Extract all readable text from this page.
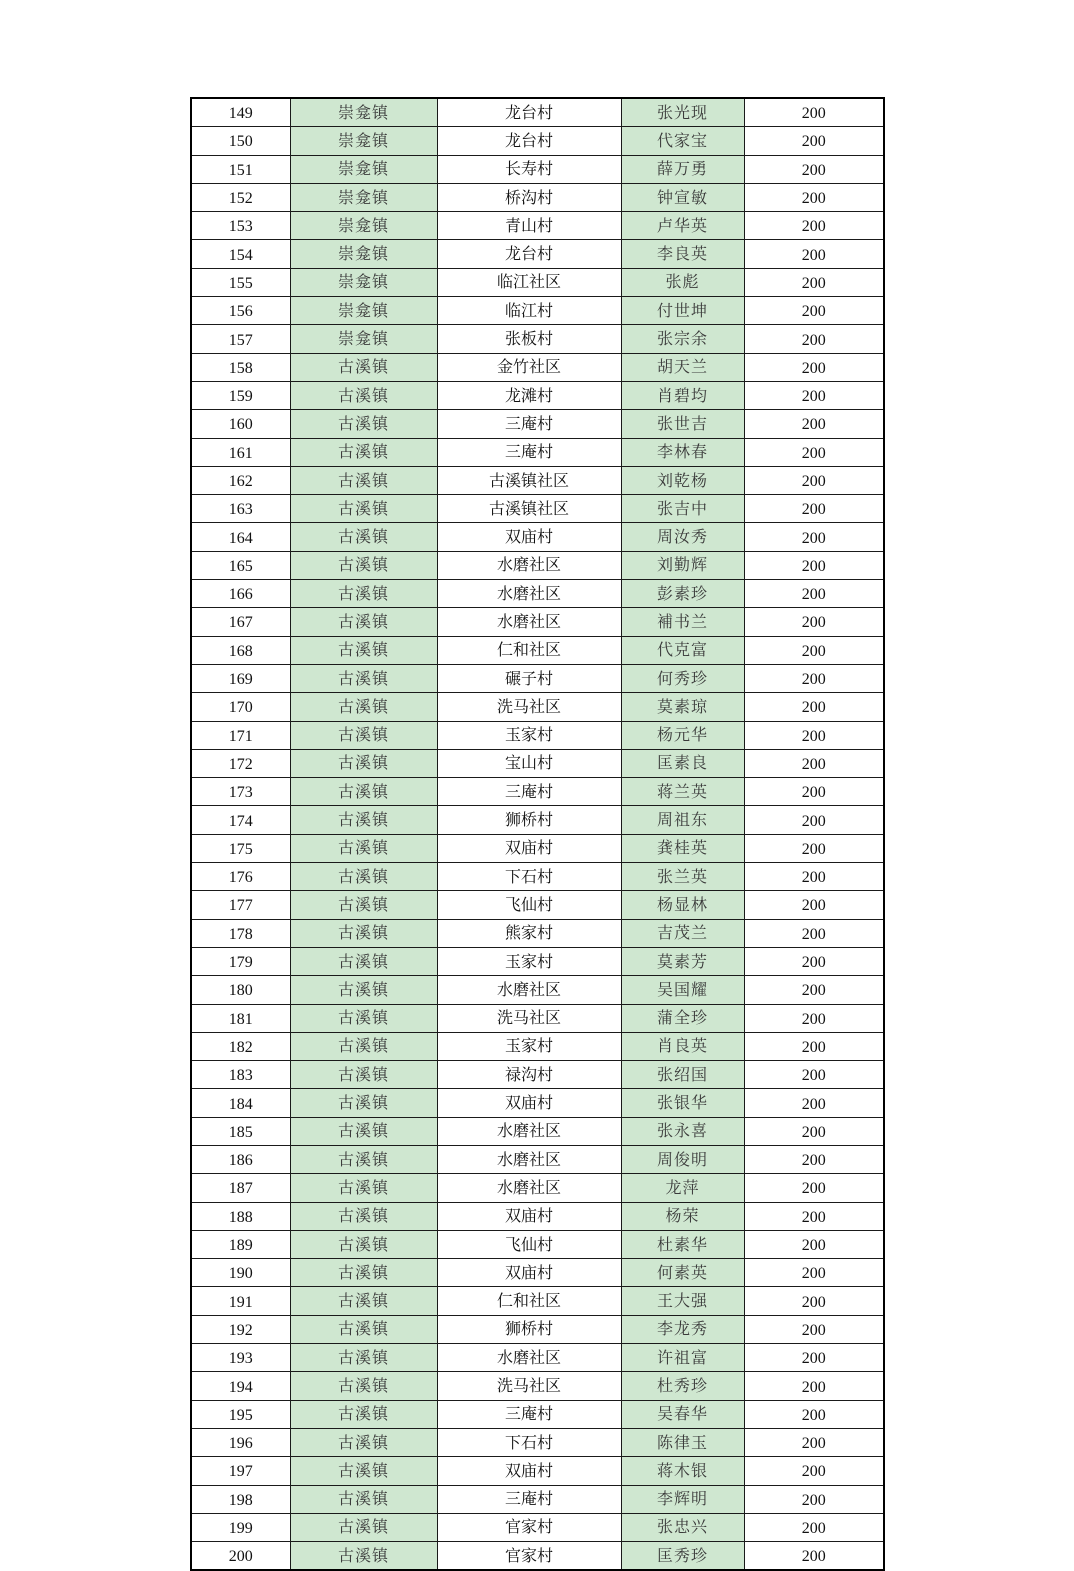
149	崇龛镇	龙台村	张光现	200
150	崇龛镇	龙台村	代家宝	200
151	崇龛镇	长寿村	薛万勇	200
152	崇龛镇	桥沟村	钟宣敏	200
153	崇龛镇	青山村	卢华英	200
154	崇龛镇	龙台村	李良英	200
155	崇龛镇	临江社区	张彪	200
156	崇龛镇	临江村	付世坤	200
157	崇龛镇	张板村	张宗余	200
158	古溪镇	金竹社区	胡天兰	200
159	古溪镇	龙滩村	肖碧均	200
160	古溪镇	三庵村	张世吉	200
161	古溪镇	三庵村	李林春	200
162	古溪镇	古溪镇社区	刘乾杨	200
163	古溪镇	古溪镇社区	张吉中	200
164	古溪镇	双庙村	周汝秀	200
165	古溪镇	水磨社区	刘勤辉	200
166	古溪镇	水磨社区	彭素珍	200
167	古溪镇	水磨社区	補书兰	200
168	古溪镇	仁和社区	代克富	200
169	古溪镇	碾子村	何秀珍	200
170	古溪镇	洗马社区	莫素琼	200
171	古溪镇	玉家村	杨元华	200
172	古溪镇	宝山村	匡素良	200
173	古溪镇	三庵村	蒋兰英	200
174	古溪镇	狮桥村	周祖东	200
175	古溪镇	双庙村	龚桂英	200
176	古溪镇	下石村	张兰英	200
177	古溪镇	飞仙村	杨显林	200
178	古溪镇	熊家村	吉茂兰	200
179	古溪镇	玉家村	莫素芳	200
180	古溪镇	水磨社区	吴国耀	200
181	古溪镇	洗马社区	蒲全珍	200
182	古溪镇	玉家村	肖良英	200
183	古溪镇	禄沟村	张绍国	200
184	古溪镇	双庙村	张银华	200
185	古溪镇	水磨社区	张永喜	200
186	古溪镇	水磨社区	周俊明	200
187	古溪镇	水磨社区	龙萍	200
188	古溪镇	双庙村	杨荣	200
189	古溪镇	飞仙村	杜素华	200
190	古溪镇	双庙村	何素英	200
191	古溪镇	仁和社区	王大强	200
192	古溪镇	狮桥村	李龙秀	200
193	古溪镇	水磨社区	许祖富	200
194	古溪镇	洗马社区	杜秀珍	200
195	古溪镇	三庵村	吴春华	200
196	古溪镇	下石村	陈律玉	200
197	古溪镇	双庙村	蒋木银	200
198	古溪镇	三庵村	李辉明	200
199	古溪镇	官家村	张忠兴	200
200	古溪镇	官家村	匡秀珍	200
